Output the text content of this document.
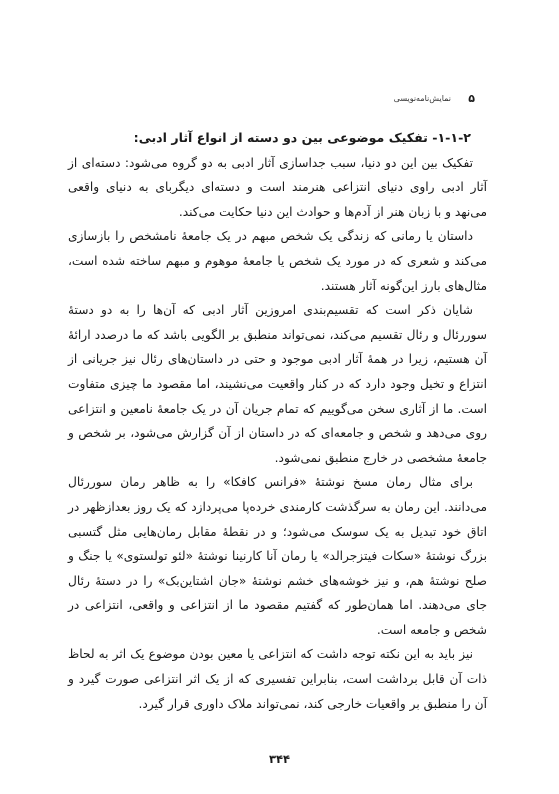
۵
نمایش‌نامه‌نویسی

۱-۱-۲- تفکیک موضوعی بین دو دسته از انواع آثار ادبی:

تفکیک بین این دو دنیا، سبب جداسازی آثار ادبی به دو گروه می‌شود: دسته‌ای از آثار ادبی راوی دنیای انتزاعی هنرمند است و دسته‌ای دیگربای به دنیای واقعی می‌نهد و با زبان هنر از آدم‌ها و حوادث این دنیا حکایت می‌کند.

داستان یا رمانی که زندگی یک شخص مبهم در یک جامعهٔ نامشخص را بازسازی می‌کند و شعری که در مورد یک شخص یا جامعهٔ موهوم و مبهم ساخته شده است، مثال‌های بارز این‌گونه آثار هستند.

شایان ذکر است که تقسیم‌بندی امروزین آثار ادبی که آن‌ها را به دو دستهٔ سوررئال و رئال تقسیم می‌کند، نمی‌تواند منطبق بر الگویی باشد که ما درصدد ارائهٔ آن هستیم، زیرا در همهٔ آثار ادبی موجود و حتی در داستان‌های رئال نیز جریانی از انتزاع و تخیل وجود دارد که در کنار واقعیت می‌نشیند، اما مقصود ما چیزی متفاوت است. ما از آثاری سخن می‌گوییم که تمام جریان آن در یک جامعهٔ نامعین و انتزاعی روی می‌دهد و شخص و جامعه‌ای که در داستان از آن گزارش می‌شود، بر شخص و جامعهٔ مشخصی در خارج منطبق نمی‌شود.

برای مثال رمان مسخ نوشتهٔ «فرانس کافکا» را به ظاهر رمان سوررئال می‌دانند. این رمان به سرگذشت کارمندی خرده‌پا می‌پردازد که یک روز بعدازظهر در اتاق خود تبدیل به یک سوسک می‌شود؛ و در نقطهٔ مقابل رمان‌هایی مثل گتسبی بزرگ نوشتهٔ «سکات فیتزجرالد» یا رمان آنا کارنینا نوشتهٔ «لئو تولستوی» یا جنگ و صلح نوشتهٔ هم، و نیز خوشه‌های خشم نوشتهٔ «جان اشتاین‌بک» را در دستهٔ رئال جای می‌دهند. اما همان‌طور که گفتیم مقصود ما از انتزاعی و واقعی، انتزاعی در شخص و جامعه است.

نیز باید به این نکته توجه داشت که انتزاعی یا معین بودن موضوع یک اثر به لحاظ ذات آن قابل برداشت است، بنابراین تفسیری که از یک اثر انتزاعی صورت گیرد و آن را منطبق بر واقعیات خارجی کند، نمی‌تواند ملاک داوری قرار گیرد.

۳۴۴
